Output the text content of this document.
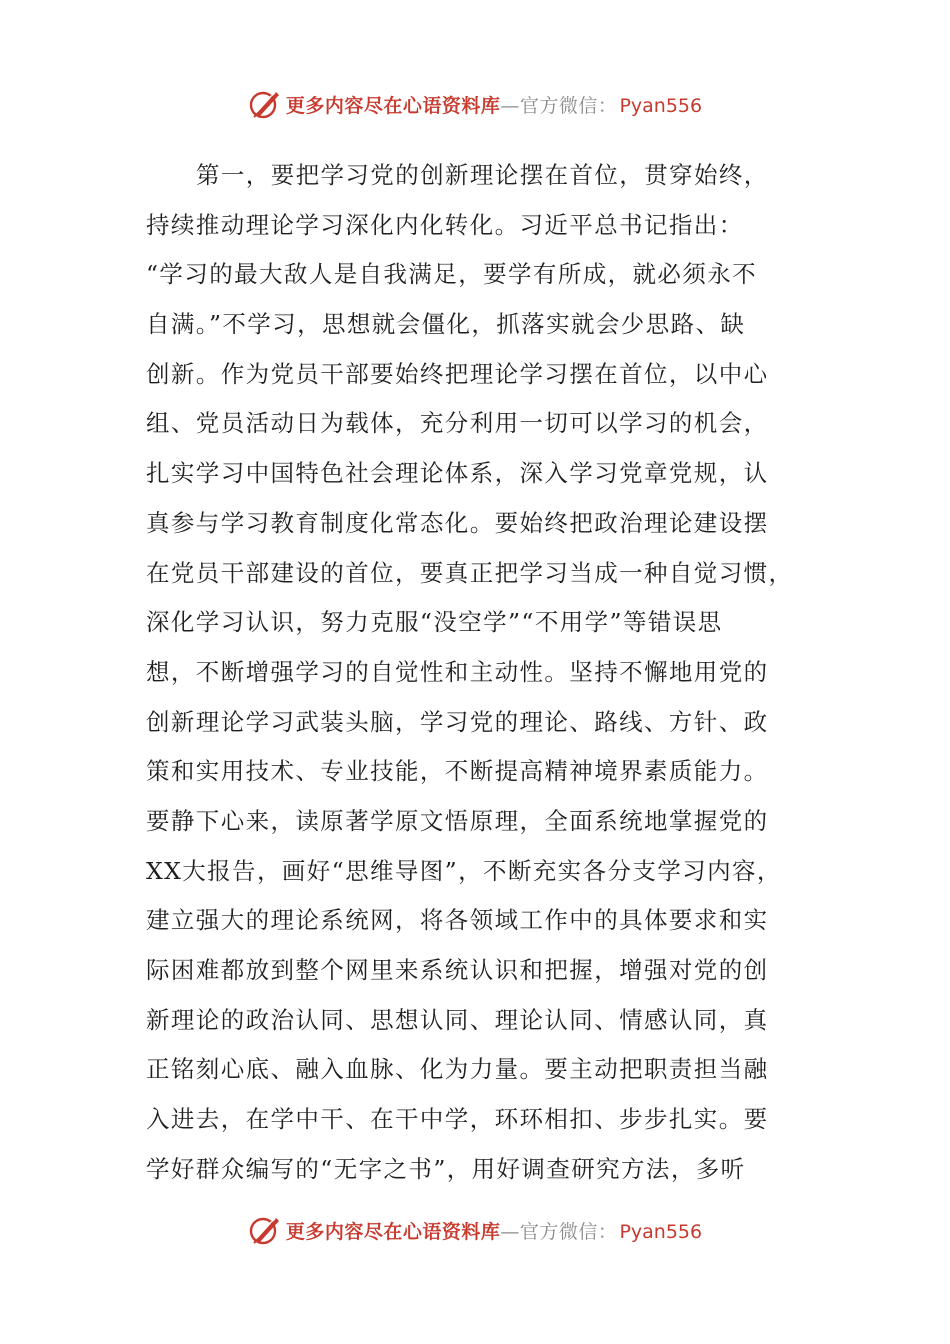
更多内容尽在心语资料库 — 官方微信： Pyan556
第一，要把学习党的创新理论摆在首位，贯穿始终，
持续推动理论学习深化内化转化。习近平总书记指出：
“学习的最大敌人是自我满足，要学有所成，就必须永不
自满。”不学习，思想就会僵化，抓落实就会少思路、缺
创新。作为党员干部要始终把理论学习摆在首位，以中心
组、党员活动日为载体，充分利用一切可以学习的机会，
扎实学习中国特色社会理论体系，深入学习党章党规，认
真参与学习教育制度化常态化。要始终把政治理论建设摆
在党员干部建设的首位，要真正把学习当成一种自觉习惯，
深化学习认识，努力克服“没空学”“不用学”等错误思
想，不断增强学习的自觉性和主动性。坚持不懈地用党的
创新理论学习武装头脑，学习党的理论、路线、方针、政
策和实用技术、专业技能，不断提高精神境界素质能力。
要静下心来，读原著学原文悟原理，全面系统地掌握党的
XX大报告，画好“思维导图”，不断充实各分支学习内容，
建立强大的理论系统网，将各领域工作中的具体要求和实
际困难都放到整个网里来系统认识和把握，增强对党的创
新理论的政治认同、思想认同、理论认同、情感认同，真
正铭刻心底、融入血脉、化为力量。要主动把职责担当融
入进去，在学中干、在干中学，环环相扣、步步扎实。要
学好群众编写的“无字之书”，用好调查研究方法，多听
更多内容尽在心语资料库 — 官方微信： Pyan556
